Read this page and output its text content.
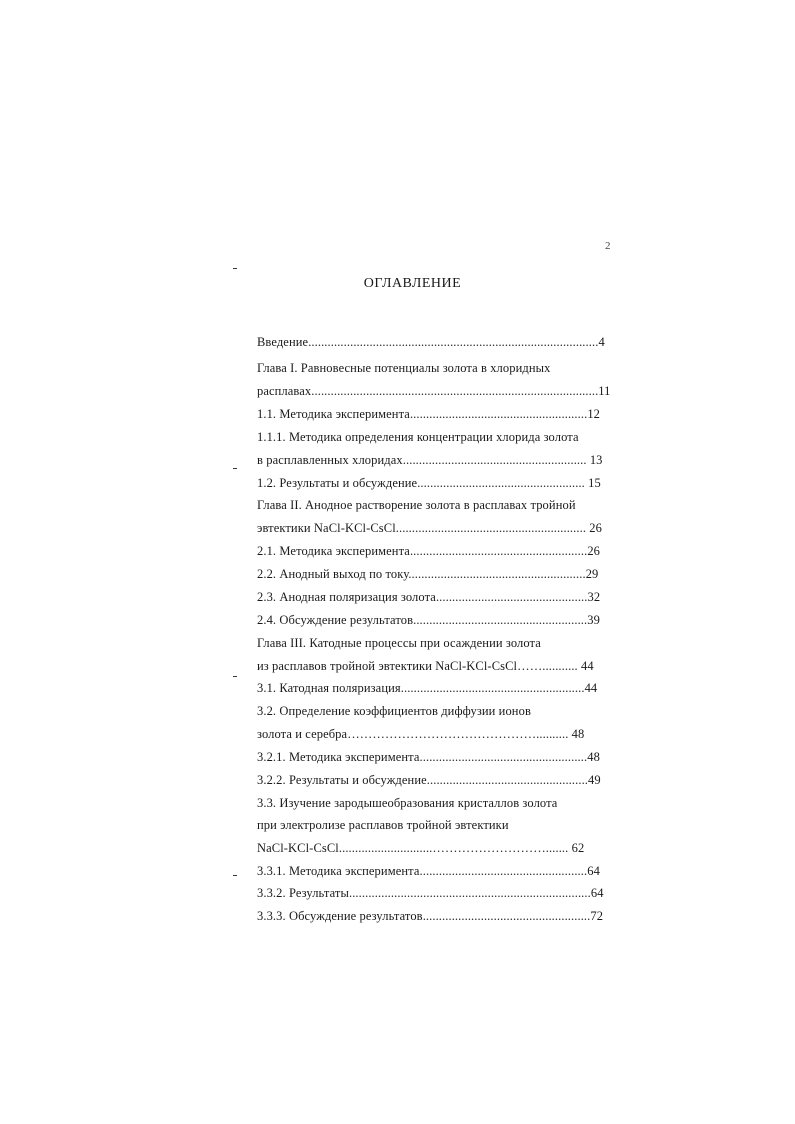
2
ОГЛАВЛЕНИЕ
Введение..........................................................................................4
Глава I. Равновесные потенциалы золота в хлоридных
расплавах.........................................................................................11
1.1. Методика эксперимента.......................................................12
1.1.1. Методика определения концентрации хлорида золота
в расплавленных хлоридах......................................................... 13
1.2. Результаты и обсуждение.................................................... 15
Глава II. Анодное растворение золота в расплавах тройной
эвтектики NaCl-KCl-CsCl........................................................... 26
2.1. Методика эксперимента.......................................................26
2.2. Анодный выход по току.......................................................29
2.3. Анодная поляризация золота...............................................32
2.4. Обсуждение результатов......................................................39
Глава III. Катодные процессы при осаждении золота
из расплавов тройной эвтектики NaCl-KCl-CsCl……........... 44
3.1. Катодная поляризация.........................................................44
3.2. Определение коэффициентов диффузии ионов
золота и серебра……………………………………….......... 48
3.2.1. Методика эксперимента....................................................48
3.2.2. Результаты и обсуждение..................................................49
3.3. Изучение зародышеобразования кристаллов золота
при электролизе расплавов тройной эвтектики
NaCl-KCl-CsCl.............................………………………....... 62
3.3.1. Методика эксперимента....................................................64
3.3.2. Результаты...........................................................................64
3.3.3. Обсуждение результатов....................................................72
